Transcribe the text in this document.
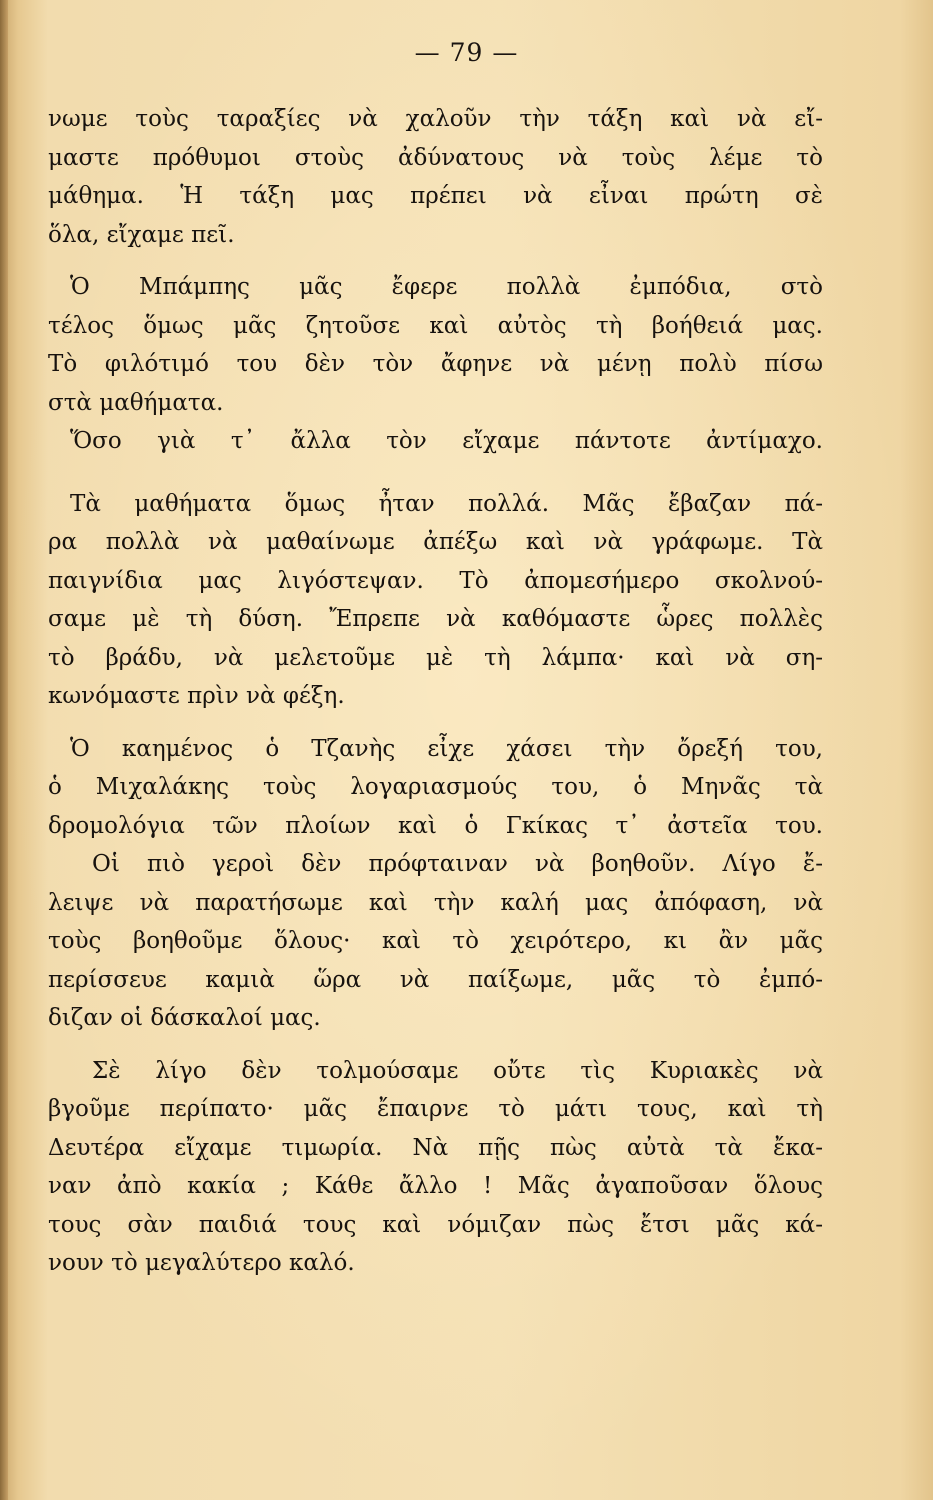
— 79 —
νωμε τοὺς ταραξίες νὰ χαλοῦν τὴν τάξη καὶ νὰ εἴ-
μαστε πρόθυμοι στοὺς ἀδύνατους νὰ τοὺς λέμε τὸ
μάθημα. Ἡ τάξη μας πρέπει νὰ εἶναι πρώτη σὲ
ὅλα, εἴχαμε πεῖ.
Ὁ Μπάμπης μᾶς ἔφερε πολλὰ ἐμπόδια, στὸ
τέλος ὅμως μᾶς ζητοῦσε καὶ αὐτὸς τὴ βοήθειά μας.
Τὸ φιλότιμό του δὲν τὸν ἄφηνε νὰ μένῃ πολὺ πίσω
στὰ μαθήματα.
Ὅσο γιὰ τ᾽ ἄλλα τὸν εἴχαμε πάντοτε ἀντίμαχο.
Τὰ μαθήματα ὅμως ἦταν πολλά. Μᾶς ἔβαζαν πά-
ρα πολλὰ νὰ μαθαίνωμε ἀπέξω καὶ νὰ γράφωμε. Τὰ
παιγνίδια μας λιγόστεψαν. Τὸ ἀπομεσήμερο σκολνού-
σαμε μὲ τὴ δύση. Ἔπρεπε νὰ καθόμαστε ὧρες πολλὲς
τὸ βράδυ, νὰ μελετοῦμε μὲ τὴ λάμπα· καὶ νὰ ση-
κωνόμαστε πρὶν νὰ φέξη.
Ὁ καημένος ὁ Τζανὴς εἶχε χάσει τὴν ὄρεξή του,
ὁ Μιχαλάκης τοὺς λογαριασμούς του, ὁ Μηνᾶς τὰ
δρομολόγια τῶν πλοίων καὶ ὁ Γκίκας τ᾽ ἀστεῖα του.
Οἱ πιὸ γεροὶ δὲν πρόφταιναν νὰ βοηθοῦν. Λίγο ἔ-
λειψε νὰ παρατήσωμε καὶ τὴν καλή μας ἀπόφαση, νὰ
τοὺς βοηθοῦμε ὅλους· καὶ τὸ χειρότερο, κι ἂν μᾶς
περίσσευε καμιὰ ὥρα νὰ παίξωμε, μᾶς τὸ ἐμπό-
διζαν οἱ δάσκαλοί μας.
Σὲ λίγο δὲν τολμούσαμε οὔτε τὶς Κυριακὲς νὰ
βγοῦμε περίπατο· μᾶς ἔπαιρνε τὸ μάτι τους, καὶ τὴ
Δευτέρα εἴχαμε τιμωρία. Νὰ πῇς πὼς αὐτὰ τὰ ἔκα-
ναν ἀπὸ κακία ; Κάθε ἄλλο ! Μᾶς ἀγαποῦσαν ὅλους
τους σὰν παιδιά τους καὶ νόμιζαν πὼς ἔτσι μᾶς κά-
νουν τὸ μεγαλύτερο καλό.
